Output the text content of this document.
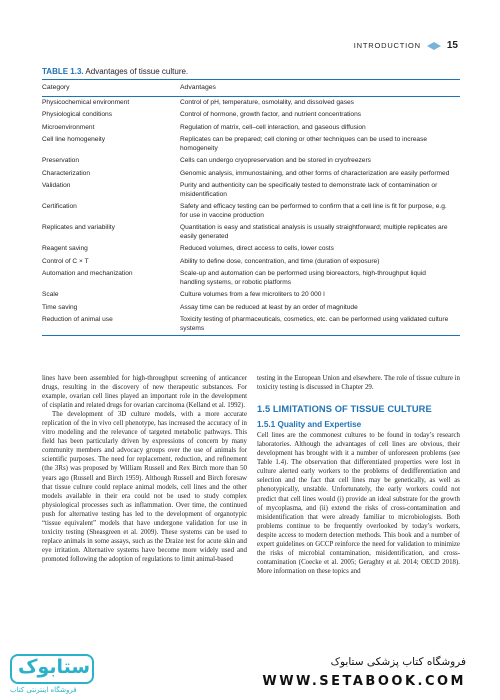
INTRODUCTION	15
TABLE 1.3. Advantages of tissue culture.
Category	Advantages
Physicochemical environment	Control of pH, temperature, osmolality, and dissolved gases
Physiological conditions	Control of hormone, growth factor, and nutrient concentrations
Microenvironment	Regulation of matrix, cell–cell interaction, and gaseous diffusion
Cell line homogeneity	Replicates can be prepared; cell cloning or other techniques can be used to increase homogeneity
Preservation	Cells can undergo cryopreservation and be stored in cryofreezers
Characterization	Genomic analysis, immunostaining, and other forms of characterization are easily performed
Validation	Purity and authenticity can be specifically tested to demonstrate lack of contamination or misidentification
Certification	Safety and efficacy testing can be performed to confirm that a cell line is fit for purpose, e.g. for use in vaccine production
Replicates and variability	Quantitation is easy and statistical analysis is usually straightforward; multiple replicates are easily generated
Reagent saving	Reduced volumes, direct access to cells, lower costs
Control of C × T	Ability to define dose, concentration, and time (duration of exposure)
Automation and mechanization	Scale-up and automation can be performed using bioreactors, high-throughput liquid handling systems, or robotic platforms
Scale	Culture volumes from a few microliters to 20 000 l
Time saving	Assay time can be reduced at least by an order of magnitude
Reduction of animal use	Toxicity testing of pharmaceuticals, cosmetics, etc. can be performed using validated culture systems

lines have been assembled for high-throughput screening of anticancer drugs, resulting in the discovery of new therapeutic substances. For example, ovarian cell lines played an important role in the development of cisplatin and related drugs for ovarian carcinoma (Kelland et al. 1992).

The development of 3D culture models, with a more accurate replication of the in vivo cell phenotype, has increased the accuracy of in vitro modeling and the relevance of targeted metabolic pathways. This field has been particularly driven by expressions of concern by many community members and advocacy groups over the use of animals for scientific purposes. The need for replacement, reduction, and refinement (the 3Rs) was proposed by William Russell and Rex Birch more than 50 years ago (Russell and Birch 1959). Although Russell and Birch foresaw that tissue culture could replace animal models, cell lines and the other models available in their era could not be used to study complex physiological processes such as inflammation. Over time, the continued push for alternative testing has led to the development of organotypic “tissue equivalent” models that have undergone validation for use in toxicity testing (Sheasgreen et al. 2009). These systems can be used to replace animals in some assays, such as the Draize test for acute skin and eye irritation. Alternative systems have become more widely used and promoted following the adoption of regulations to limit animal-based

testing in the European Union and elsewhere. The role of tissue culture in toxicity testing is discussed in Chapter 29.

1.5 LIMITATIONS OF TISSUE CULTURE
1.5.1 Quality and Expertise

Cell lines are the commonest cultures to be found in today’s research laboratories. Although the advantages of cell lines are obvious, their development has brought with it a number of unforeseen problems (see Table 1.4). The observation that differentiated properties were lost in culture alerted early workers to the problems of dedifferentiation and selection and the fact that cell lines may be genetically, as well as phenotypically, unstable. Unfortunately, the early workers could not predict that cell lines would (i) provide an ideal substrate for the growth of mycoplasma, and (ii) extend the risks of cross-contamination and misidentification that were already familiar to microbiologists. Both problems continue to be frequently overlooked by today’s workers, despite access to modern detection methods. This book and a number of expert guidelines on GCCP reinforce the need for validation to minimize the risks of microbial contamination, misidentification, and cross-contamination (Coecke et al. 2005; Geraghty et al. 2014; OECD 2018). More information on these topics and

ستابوک
فروشگاه اینترنتی کتاب
فروشگاه کتاب پزشکی ستابوک
WWW.SETABOOK.COM
